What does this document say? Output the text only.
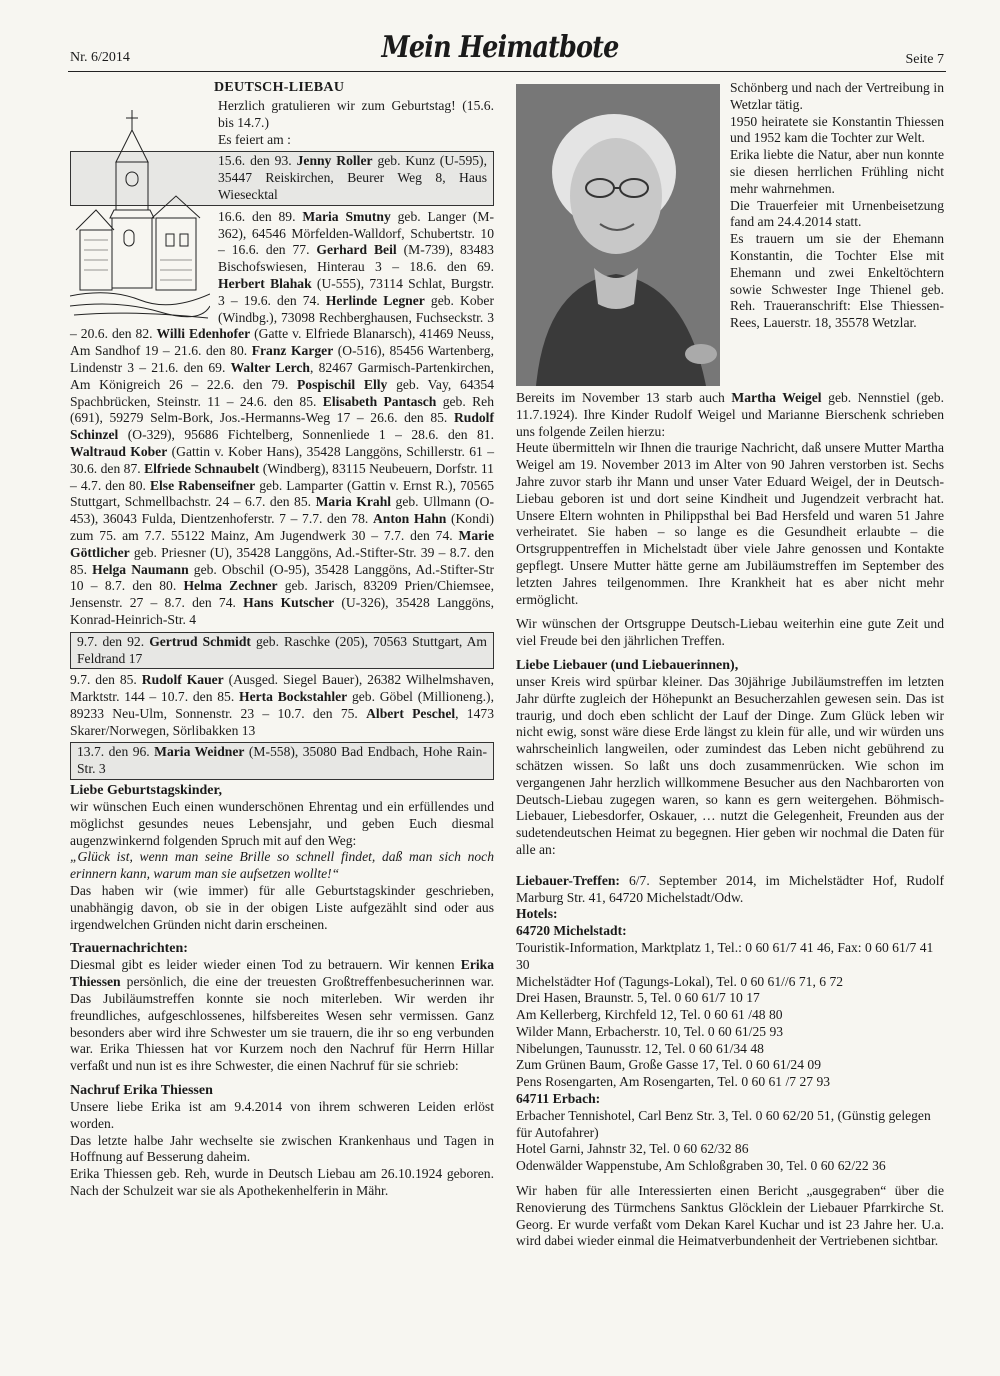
Nr. 6/2014	Mein Heimatbote	Seite 7
DEUTSCH-LIEBAU

Herzlich gratulieren wir zum Geburtstag! (15.6. bis 14.7.)

Es feiert am :

15.6. den 93. Jenny Roller geb. Kunz (U-595), 35447 Reiskirchen, Beurer Weg 8, Haus Wiesecktal

16.6. den 89. Maria Smutny geb. Langer (M-362), 64546 Mörfelden-Walldorf, Schubertstr. 10 – 16.6. den 77. Gerhard Beil (M-739), 83483 Bischofswiesen, Hinterau 3 – 18.6. den 69. Herbert Blahak (U-555), 73114 Schlat, Burgstr. 3 – 19.6. den 74. Herlinde Legner geb. Kober (Windbg.), 73098 Rechberghausen, Fuchseckstr. 3 – 20.6. den 82. Willi Edenhofer (Gatte v. Elfriede Blanarsch), 41469 Neuss, Am Sandhof 19 – 21.6. den 80. Franz Karger (O-516), 85456 Wartenberg, Lindenstr 3 – 21.6. den 69. Walter Lerch, 82467 Garmisch-Partenkirchen, Am Königreich 26 – 22.6. den 79. Pospischil Elly geb. Vay, 64354 Spachbrücken, Steinstr. 11 – 24.6. den 85. Elisabeth Pantasch geb. Reh (691), 59279 Selm-Bork, Jos.-Hermanns-Weg 17 – 26.6. den 85. Rudolf Schinzel (O-329), 95686 Fichtelberg, Sonnenliede 1 – 28.6. den 81. Waltraud Kober (Gattin v. Kober Hans), 35428 Langgöns, Schillerstr. 61 – 30.6. den 87. Elfriede Schnaubelt (Windberg), 83115 Neubeuern, Dorfstr. 11 – 4.7. den 80. Else Rabenseifner geb. Lamparter (Gattin v. Ernst R.), 70565 Stuttgart, Schmellbachstr. 24 – 6.7. den 85. Maria Krahl geb. Ullmann (O-453), 36043 Fulda, Dientzenhoferstr. 7 – 7.7. den 78. Anton Hahn (Kondi) zum 75. am 7.7. 55122 Mainz, Am Jugendwerk 30 – 7.7. den 74. Marie Göttlicher geb. Priesner (U), 35428 Langgöns, Ad.-Stifter-Str. 39 – 8.7. den 85. Helga Naumann geb. Obschil (O-95), 35428 Langgöns, Ad.-Stifter-Str 10 – 8.7. den 80. Helma Zechner geb. Jarisch, 83209 Prien/Chiemsee, Jensenstr. 27 – 8.7. den 74. Hans Kutscher (U-326), 35428 Langgöns, Konrad-Heinrich-Str. 4

9.7. den 92. Gertrud Schmidt geb. Raschke (205), 70563 Stuttgart, Am Feldrand 17

9.7. den 85. Rudolf Kauer (Ausged. Siegel Bauer), 26382 Wilhelmshaven, Marktstr. 144 – 10.7. den 85. Herta Bockstahler geb. Göbel (Millioneng.), 89233 Neu-Ulm, Sonnenstr. 23 – 10.7. den 75. Albert Peschel, 1473 Skarer/Norwegen, Sörlibakken 13

13.7. den 96. Maria Weidner (M-558), 35080 Bad Endbach, Hohe Rain-Str. 3
Liebe Geburtstagskinder,

wir wünschen Euch einen wunderschönen Ehrentag und ein erfüllendes und möglichst gesundes neues Lebensjahr, und geben Euch diesmal augenzwinkernd folgenden Spruch mit auf den Weg:

„Glück ist, wenn man seine Brille so schnell findet, daß man sich noch erinnern kann, warum man sie aufsetzen wollte!“

Das haben wir (wie immer) für alle Geburtstagskinder geschrieben, unabhängig davon, ob sie in der obigen Liste aufgezählt sind oder aus irgendwelchen Gründen nicht darin erscheinen.

Trauernachrichten:

Diesmal gibt es leider wieder einen Tod zu betrauern. Wir kennen Erika Thiessen persönlich, die eine der treuesten Großtreffenbesucherinnen war. Das Jubiläumstreffen konnte sie noch miterleben. Wir werden ihr freundliches, aufgeschlossenes, hilfsbereites Wesen sehr vermissen. Ganz besonders aber wird ihre Schwester um sie trauern, die ihr so eng verbunden war. Erika Thiessen hat vor Kurzem noch den Nachruf für Herrn Hillar verfaßt und nun ist es ihre Schwester, die einen Nachruf für sie schrieb:

Nachruf Erika Thiessen

Unsere liebe Erika ist am 9.4.2014 von ihrem schweren Leiden erlöst worden.

Das letzte halbe Jahr wechselte sie zwischen Krankenhaus und Tagen in Hoffnung auf Besserung daheim.

Erika Thiessen geb. Reh, wurde in Deutsch Liebau am 26.10.1924 geboren. Nach der Schulzeit war sie als Apothekenhelferin in Mähr.

Schönberg und nach der Vertreibung in Wetzlar tätig.

1950 heiratete sie Konstantin Thiessen und 1952 kam die Tochter zur Welt.

Erika liebte die Natur, aber nun konnte sie diesen herrlichen Frühling nicht mehr wahrnehmen.

Die Trauerfeier mit Urnenbeisetzung fand am 24.4.2014 statt.

Es trauern um sie der Ehemann Konstantin, die Tochter Else mit Ehemann und zwei Enkeltöchtern sowie Schwester Inge Thienel geb. Reh. Traueranschrift: Else Thiessen-Rees, Lauerstr. 18, 35578 Wetzlar.

Bereits im November 13 starb auch Martha Weigel geb. Nennstiel (geb. 11.7.1924). Ihre Kinder Rudolf Weigel und Marianne Bierschenk schrieben uns folgende Zeilen hierzu:

Heute übermitteln wir Ihnen die traurige Nachricht, daß unsere Mutter Martha Weigel am 19. November 2013 im Alter von 90 Jahren verstorben ist. Sechs Jahre zuvor starb ihr Mann und unser Vater Eduard Weigel, der in Deutsch-Liebau geboren ist und dort seine Kindheit und Jugendzeit verbracht hat. Unsere Eltern wohnten in Philippsthal bei Bad Hersfeld und waren 51 Jahre verheiratet. Sie haben – so lange es die Gesundheit erlaubte – die Ortsgruppentreffen in Michelstadt über viele Jahre genossen und Kontakte gepflegt. Unsere Mutter hätte gerne am Jubiläumstreffen im September des letzten Jahres teilgenommen. Ihre Krankheit hat es aber nicht mehr ermöglicht.

Wir wünschen der Ortsgruppe Deutsch-Liebau weiterhin eine gute Zeit und viel Freude bei den jährlichen Treffen.

Liebe Liebauer (und Liebauerinnen),

unser Kreis wird spürbar kleiner. Das 30jährige Jubiläumstreffen im letzten Jahr dürfte zugleich der Höhepunkt an Besucherzahlen gewesen sein. Das ist traurig, und doch eben schlicht der Lauf der Dinge. Zum Glück leben wir nicht ewig, sonst wäre diese Erde längst zu klein für alle, und wir würden uns wahrscheinlich langweilen, oder zumindest das Leben nicht gebührend zu schätzen wissen. So laßt uns doch zusammenrücken. Wie schon im vergangenen Jahr herzlich willkommene Besucher aus den Nachbarorten von Deutsch-Liebau zugegen waren, so kann es gern weitergehen. Böhmisch-Liebauer, Liebesdorfer, Oskauer, … nutzt die Gelegenheit, Freunden aus der sudetendeutschen Heimat zu begegnen. Hier geben wir nochmal die Daten für alle an:

Liebauer-Treffen: 6/7. September 2014, im Michelstädter Hof, Rudolf Marburg Str. 41, 64720 Michelstadt/Odw.

Hotels:

64720 Michelstadt:

Touristik-Information, Marktplatz 1, Tel.: 0 60 61/7 41 46, Fax: 0 60 61/7 41 30

Michelstädter Hof (Tagungs-Lokal), Tel. 0 60 61//6 71, 6 72

Drei Hasen, Braunstr. 5, Tel. 0 60 61/7 10 17

Am Kellerberg, Kirchfeld 12, Tel. 0 60 61 /48 80

Wilder Mann, Erbacherstr. 10, Tel. 0 60 61/25 93

Nibelungen, Taunusstr. 12, Tel. 0 60 61/34 48

Zum Grünen Baum, Große Gasse 17, Tel. 0 60 61/24 09

Pens Rosengarten, Am Rosengarten, Tel. 0 60 61 /7 27 93

64711 Erbach:

Erbacher Tennishotel, Carl Benz Str. 3, Tel. 0 60 62/20 51, (Günstig gelegen für Autofahrer)

Hotel Garni, Jahnstr 32, Tel. 0 60 62/32 86

Odenwälder Wappenstube, Am Schloßgraben 30, Tel. 0 60 62/22 36

Wir haben für alle Interessierten einen Bericht „ausgegraben“ über die Renovierung des Türmchens Sanktus Glöcklein der Liebauer Pfarrkirche St. Georg. Er wurde verfaßt vom Dekan Karel Kuchar und ist 23 Jahre her. U.a. wird dabei wieder einmal die Heimatverbundenheit der Vertriebenen sichtbar.
